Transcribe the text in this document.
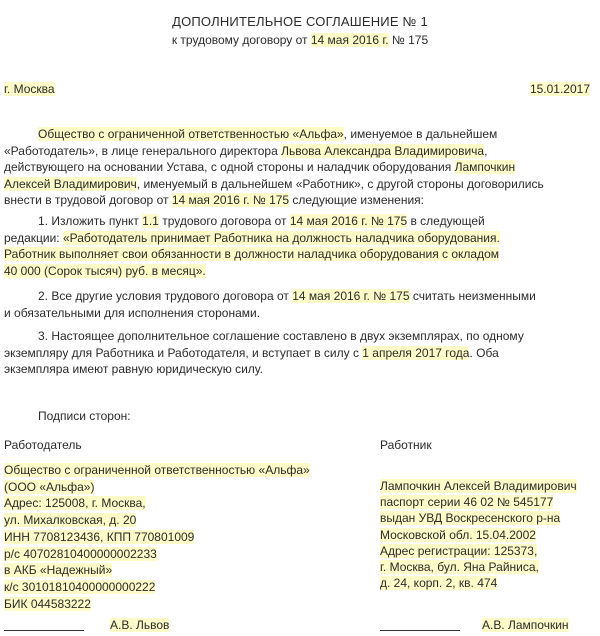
ДОПОЛНИТЕЛЬНОЕ СОГЛАШЕНИЕ № 1
к трудовому договору от 14 мая 2016 г. № 175
г. Москва	15.01.2017
Общество с ограниченной ответственностью «Альфа», именуемое в дальнейшем
«Работодатель», в лице генерального директора Львова Александра Владимировича,
действующего на основании Устава, с одной стороны и наладчик оборудования Лампочкин
Алексей Владимирович, именуемый в дальнейшем «Работник», с другой стороны договорились
внести в трудовой договор от 14 мая 2016 г. № 175 следующие изменения:
1. Изложить пункт 1.1 трудового договора от 14 мая 2016 г. № 175 в следующей
редакции: «Работодатель принимает Работника на должность наладчика оборудования.
Работник выполняет свои обязанности в должности наладчика оборудования с окладом
40 000 (Сорок тысяч) руб. в месяц».
2. Все другие условия трудового договора от 14 мая 2016 г. № 175 считать неизменными
и обязательными для исполнения сторонами.
3. Настоящее дополнительное соглашение составлено в двух экземплярах, по одному
экземпляру для Работника и Работодателя, и вступает в силу с 1 апреля 2017 года. Оба
экземпляра имеют равную юридическую силу.
Подписи сторон:
Работодатель
Общество с ограниченной ответственностью «Альфа»
(ООО «Альфа»)
Адрес: 125008, г. Москва,
ул. Михалковская, д. 20
ИНН 7708123436, КПП 770801009
р/с 40702810400000002233
в АКБ «Надежный»
к/с 30101810400000000222
БИК 044583222
Работник
Лампочкин Алексей Владимирович
паспорт серии 46 02 № 545177
выдан УВД Воскресенского р-на
Московской обл. 15.04.2002
Адрес регистрации: 125373,
г. Москва, бул. Яна Райниса,
д. 24, корп. 2, кв. 474
А.В. Львов	А.В. Лампочкин
